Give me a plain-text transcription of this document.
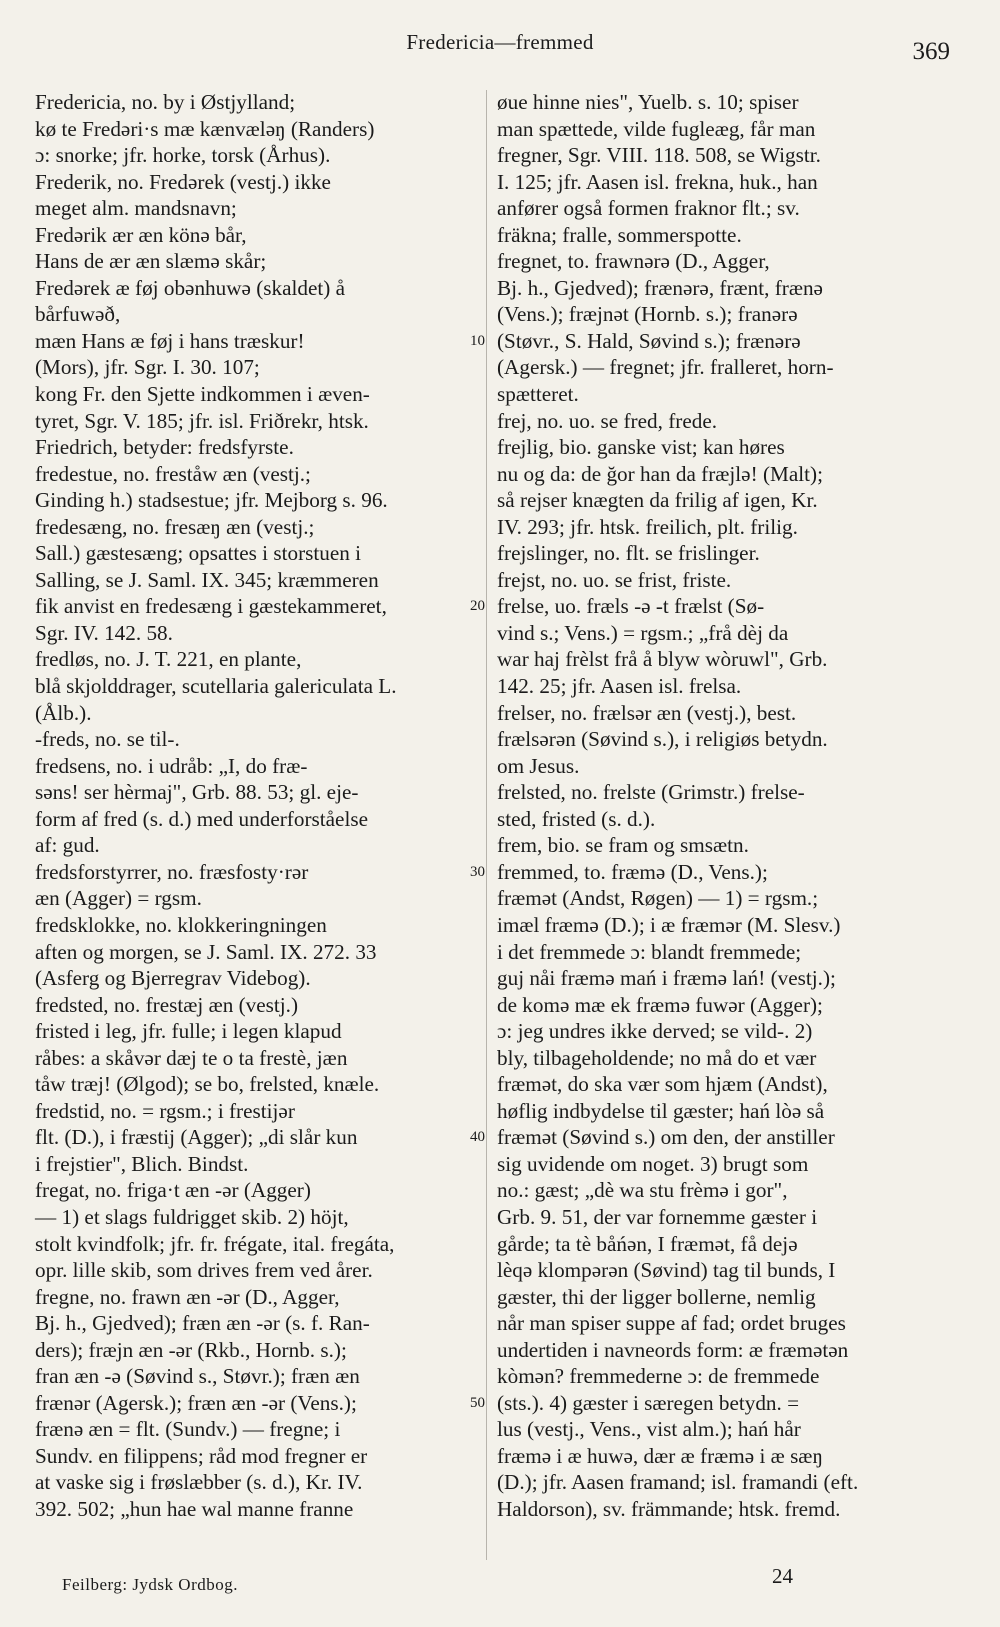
Fredericia—fremmed	369
Fredericia, no. by i Østjylland;
kø te Fredəri·s mæ kænvæləŋ (Randers)
ɔ: snorke; jfr. horke, torsk (Århus).
Frederik, no. Fredərek (vestj.) ikke
meget alm. mandsnavn;
Fredərik ær æn könə bår,
Hans de ær æn slæmə skår;
Fredərek æ føj obənhuwə (skaldet) å
bårfuwəð,
mæn Hans æ føj i hans træskur!
(Mors), jfr. Sgr. I. 30. 107;
kong Fr. den Sjette indkommen i æven-
tyret, Sgr. V. 185; jfr. isl. Friðrekr, htsk.
Friedrich, betyder: fredsfyrste.
fredestue, no. freståw æn (vestj.;
Ginding h.) stadsestue; jfr. Mejborg s. 96.
fredesæng, no. fresæŋ æn (vestj.;
Sall.) gæstesæng; opsattes i storstuen i
Salling, se J. Saml. IX. 345; kræmmeren
fik anvist en fredesæng i gæstekammeret,
Sgr. IV. 142. 58.
fredløs, no. J. T. 221, en plante,
blå skjolddrager, scutellaria galericulata L.
(Ålb.).
-freds, no. se til-.
fredsens, no. i udråb: „I, do fræ-
səns! ser hèrmaj", Grb. 88. 53; gl. eje-
form af fred (s. d.) med underforståelse
af: gud.
fredsforstyrrer, no. fræsfosty·rər
æn (Agger) = rgsm.
fredsklokke, no. klokkeringningen
aften og morgen, se J. Saml. IX. 272. 33
(Asferg og Bjerregrav Videbog).
fredsted, no. frestæj æn (vestj.)
fristed i leg, jfr. fulle; i legen klapud
råbes: a skåvər dæj te o ta frestè, jæn
tåw træj! (Ølgod); se bo, frelsted, knæle.
fredstid, no. = rgsm.; i frestijər
flt. (D.), i fræstij (Agger); „di slår kun
i frejstier", Blich. Bindst.
fregat, no. friga·t æn -ər (Agger)
— 1) et slags fuldrigget skib. 2) höjt,
stolt kvindfolk; jfr. fr. frégate, ital. fregáta,
opr. lille skib, som drives frem ved årer.
fregne, no. frawn æn -ər (D., Agger,
Bj. h., Gjedved); fræn æn -ər (s. f. Ran-
ders); fræjn æn -ər (Rkb., Hornb. s.);
fran æn -ə (Søvind s., Støvr.); fræn æn
frænər (Agersk.); fræn æn -ər (Vens.);
frænə æn = flt. (Sundv.) — fregne; i
Sundv. en filippens; råd mod fregner er
at vaske sig i frøslæbber (s. d.), Kr. IV.
392. 502; „hun hae wal manne franne
øue hinne nies", Yuelb. s. 10; spiser
man spættede, vilde fugleæg, får man
fregner, Sgr. VIII. 118. 508, se Wigstr.
I. 125; jfr. Aasen isl. frekna, huk., han
anfører også formen fraknor flt.; sv.
fräkna; fralle, sommerspotte.
fregnet, to. frawnərə (D., Agger,
Bj. h., Gjedved); frænərə, frænt, frænə
(Vens.); fræjnət (Hornb. s.); franərə
(Støvr., S. Hald, Søvind s.); frænərə
(Agersk.) — fregnet; jfr. fralleret, horn-
spætteret.
frej, no. uo. se fred, frede.
frejlig, bio. ganske vist; kan høres
nu og da: de ğor han da fræjlə! (Malt);
så rejser knægten da frilig af igen, Kr.
IV. 293; jfr. htsk. freilich, plt. frilig.
frejslinger, no. flt. se frislinger.
frejst, no. uo. se frist, friste.
frelse, uo. fræls -ə -t frælst (Sø-
vind s.; Vens.) = rgsm.; „frå dèj da
war haj frèlst frå å blyw wòruwl", Grb.
142. 25; jfr. Aasen isl. frelsa.
frelser, no. frælsər æn (vestj.), best.
frælsərən (Søvind s.), i religiøs betydn.
om Jesus.
frelsted, no. frelste (Grimstr.) frelse-
sted, fristed (s. d.).
frem, bio. se fram og smsætn.
fremmed, to. fræmə (D., Vens.);
fræmət (Andst, Røgen) — 1) = rgsm.;
imæl fræmə (D.); i æ fræmər (M. Slesv.)
i det fremmede ɔ: blandt fremmede;
guj nåi fræmə mań i fræmə lań! (vestj.);
de komə mæ ek fræmə fuwər (Agger);
ɔ: jeg undres ikke derved; se vild-. 2)
bly, tilbageholdende; no må do et vær
fræmət, do ska vær som hjæm (Andst),
høflig indbydelse til gæster; hań lòə så
fræmət (Søvind s.) om den, der anstiller
sig uvidende om noget. 3) brugt som
no.: gæst; „dè wa stu frèmə i gor",
Grb. 9. 51, der var fornemme gæster i
gårde; ta tè båńən, I fræmət, få dejə
lèqə klompərən (Søvind) tag til bunds, I
gæster, thi der ligger bollerne, nemlig
når man spiser suppe af fad; ordet bruges
undertiden i navneords form: æ fræmətən
kòmən? fremmederne ɔ: de fremmede
(sts.). 4) gæster i særegen betydn. =
lus (vestj., Vens., vist alm.); hań hår
fræmə i æ huwə, dær æ fræmə i æ sæŋ
(D.); jfr. Aasen framand; isl. framandi (eft.
Haldorson), sv. främmande; htsk. fremd.
10
20
30
40
50
Feilberg: Jydsk Ordbog.	24
